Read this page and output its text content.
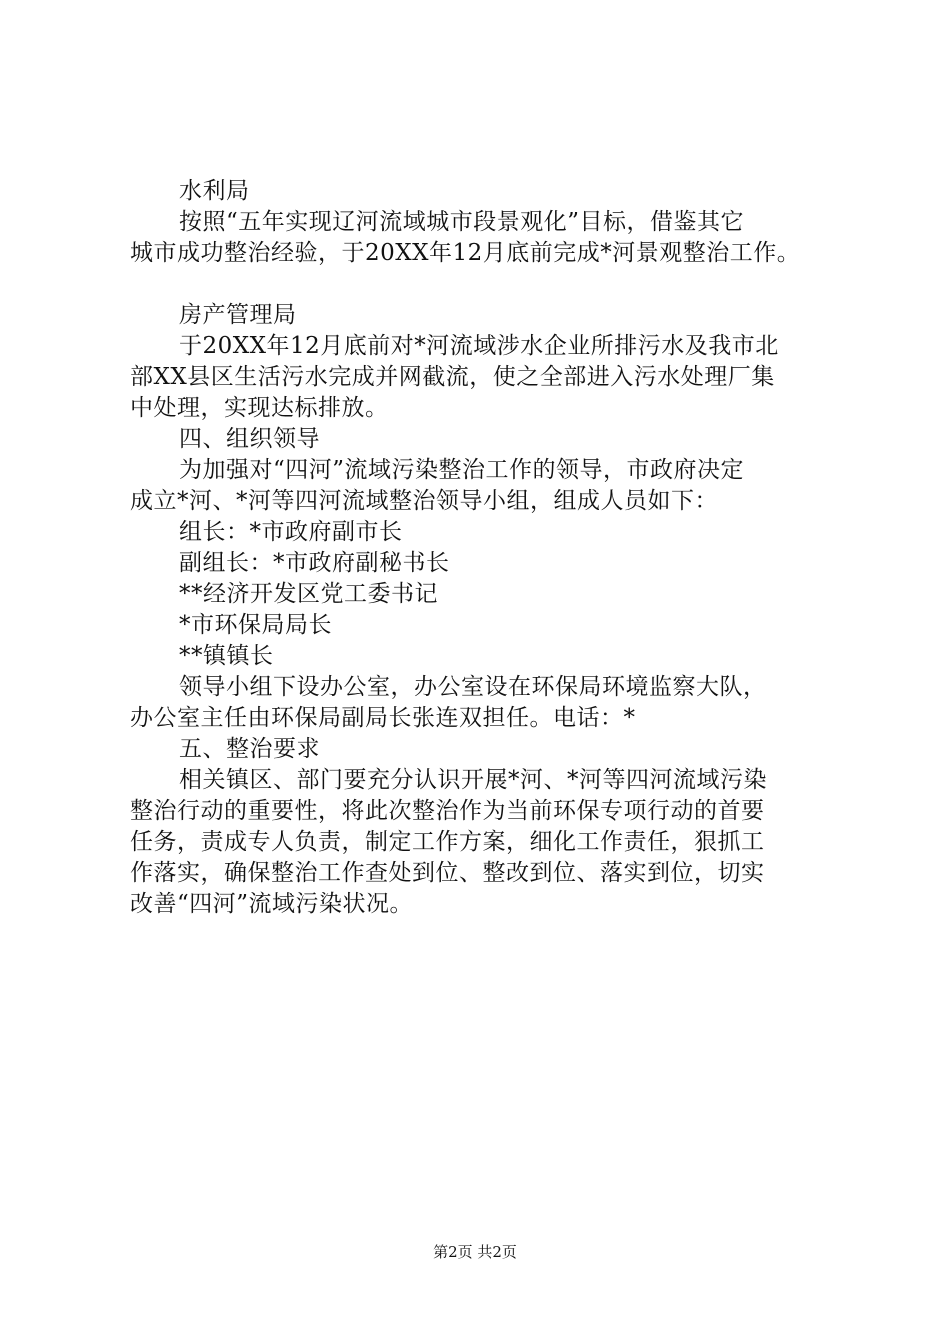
水利局
按照“五年实现辽河流域城市段景观化”目标，借鉴其它
城市成功整治经验，于20XX年12月底前完成*河景观整治工作。
房产管理局
于20XX年12月底前对*河流域涉水企业所排污水及我市北
部XX县区生活污水完成并网截流，使之全部进入污水处理厂集
中处理，实现达标排放。
四、组织领导
为加强对“四河”流域污染整治工作的领导，市政府决定
成立*河、*河等四河流域整治领导小组，组成人员如下：
组长：*市政府副市长
副组长：*市政府副秘书长
**经济开发区党工委书记
*市环保局局长
**镇镇长
领导小组下设办公室，办公室设在环保局环境监察大队，
办公室主任由环保局副局长张连双担任。电话：*
五、整治要求
相关镇区、部门要充分认识开展*河、*河等四河流域污染
整治行动的重要性，将此次整治作为当前环保专项行动的首要
任务，责成专人负责，制定工作方案，细化工作责任，狠抓工
作落实，确保整治工作查处到位、整改到位、落实到位，切实
改善“四河”流域污染状况。
第2页 共2页
